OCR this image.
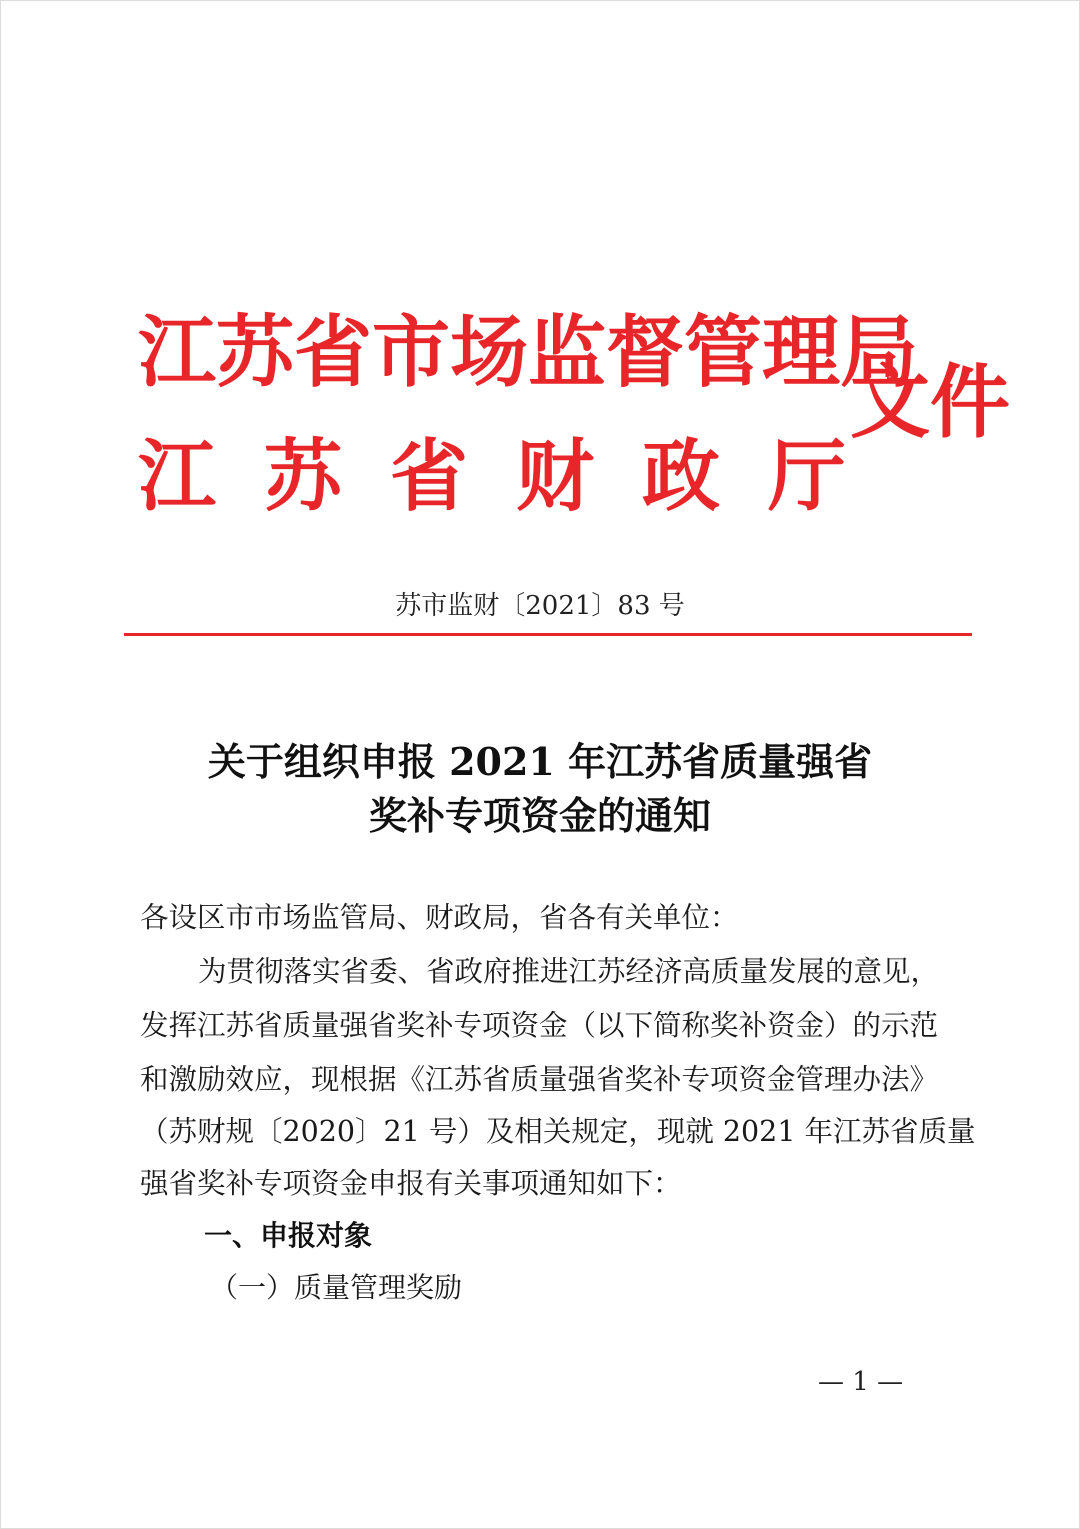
江苏省市场监督管理局
江苏省财政厅
文件
苏市监财〔2021〕83 号
关于组织申报 2021 年江苏省质量强省
奖补专项资金的通知
各设区市市场监管局、财政局，省各有关单位：
为贯彻落实省委、省政府推进江苏经济高质量发展的意见，
发挥江苏省质量强省奖补专项资金（以下简称奖补资金）的示范
和激励效应，现根据《江苏省质量强省奖补专项资金管理办法》
（苏财规〔2020〕21 号）及相关规定，现就 2021 年江苏省质量
强省奖补专项资金申报有关事项通知如下：
一、申报对象
（一）质量管理奖励
— 1 —
